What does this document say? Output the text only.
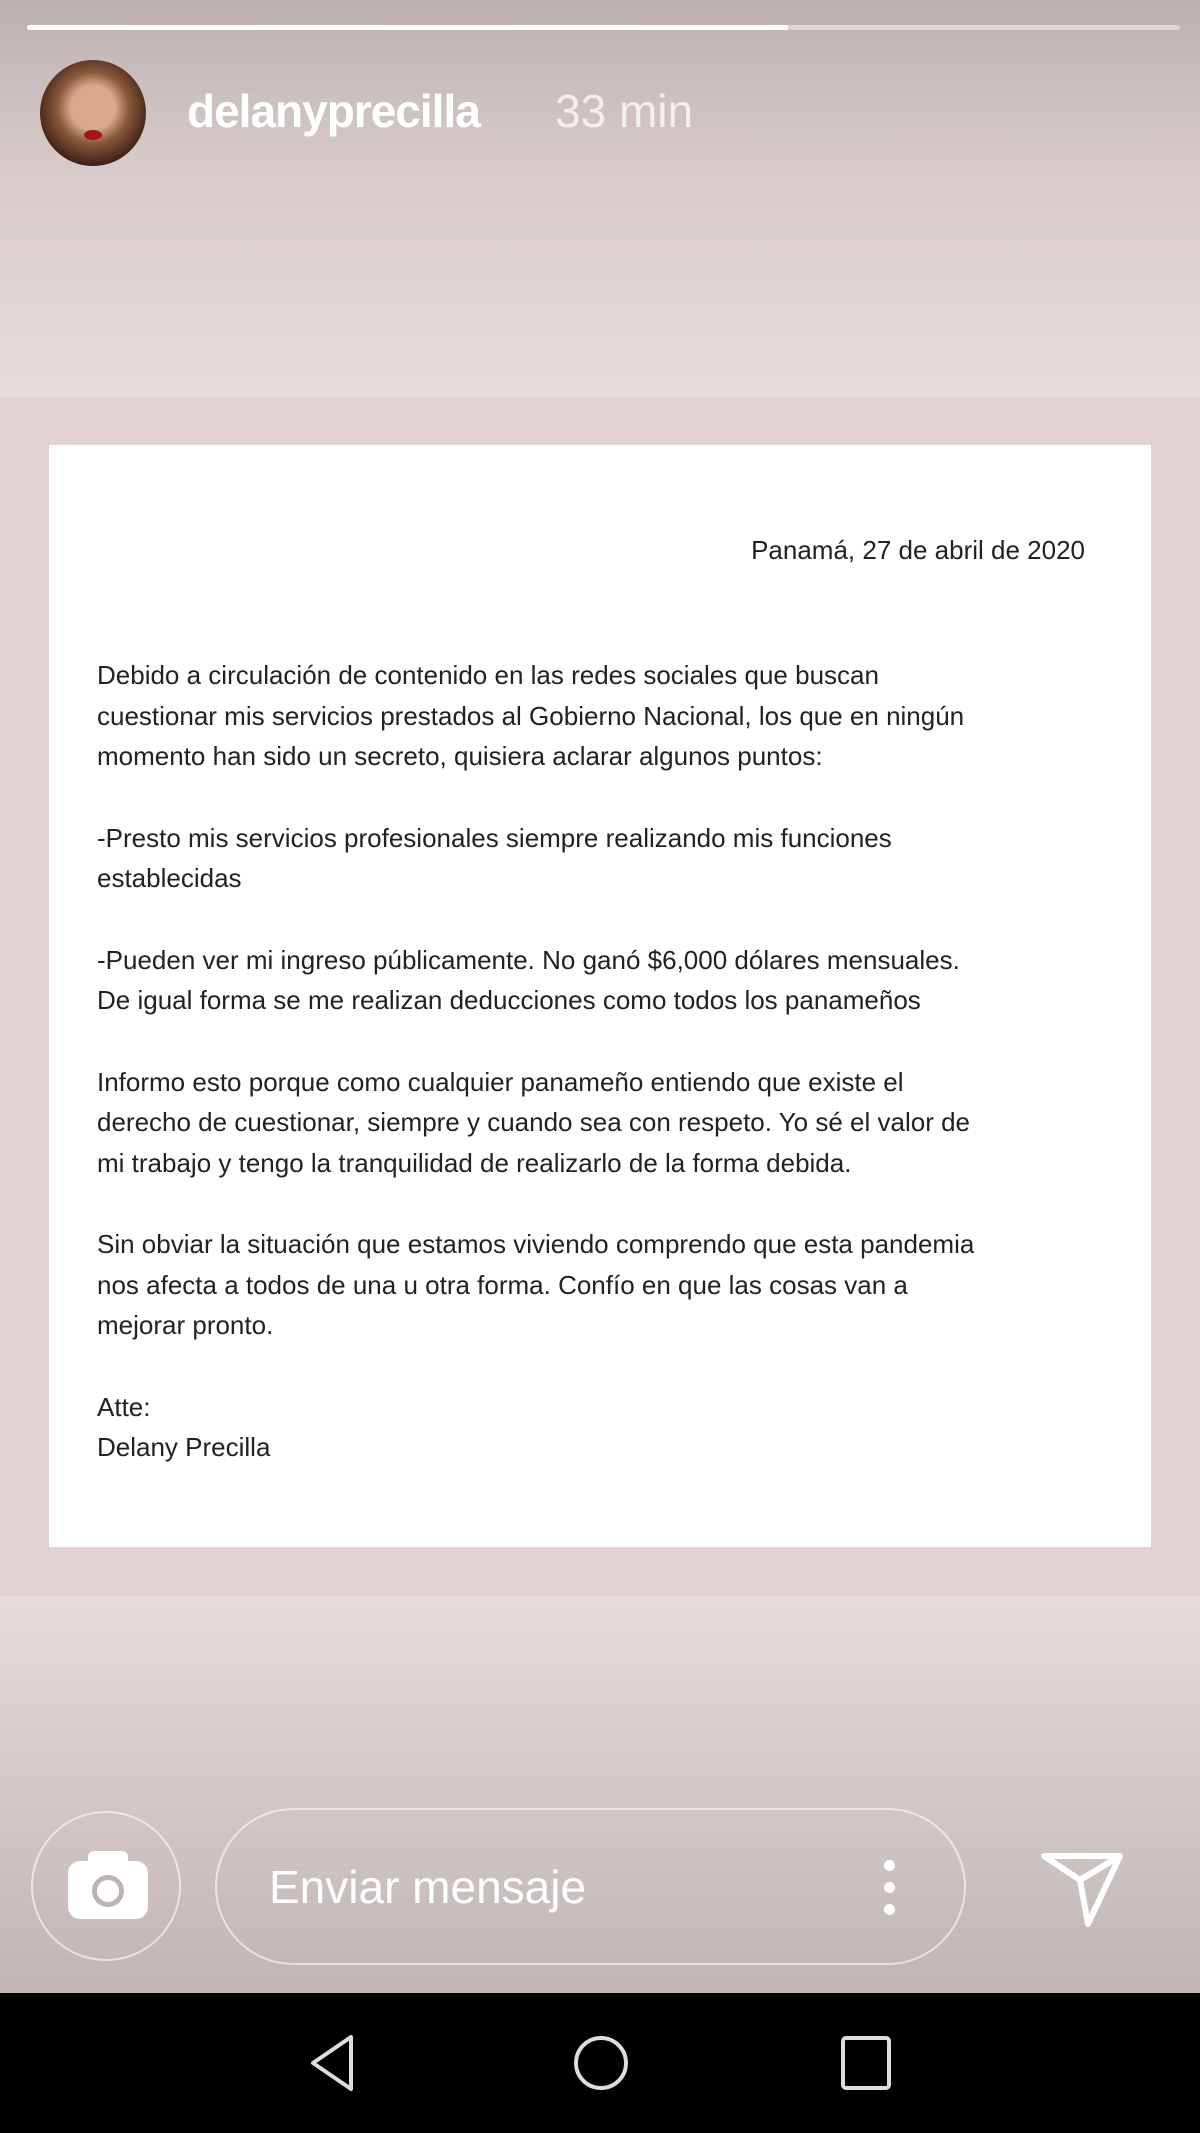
delanyprecilla 33 min
Panamá, 27 de abril de 2020
Debido a circulación de contenido en las redes sociales que buscan
cuestionar mis servicios prestados al Gobierno Nacional, los que en ningún
momento han sido un secreto, quisiera aclarar algunos puntos:
-Presto mis servicios profesionales siempre realizando mis funciones
establecidas
-Pueden ver mi ingreso públicamente. No ganó $6,000 dólares mensuales.
De igual forma se me realizan deducciones como todos los panameños
Informo esto porque como cualquier panameño entiendo que existe el
derecho de cuestionar, siempre y cuando sea con respeto. Yo sé el valor de
mi trabajo y tengo la tranquilidad de realizarlo de la forma debida.
Sin obviar la situación que estamos viviendo comprendo que esta pandemia
nos afecta a todos de una u otra forma. Confío en que las cosas van a
mejorar pronto.
Atte:
Delany Precilla
Enviar mensaje
